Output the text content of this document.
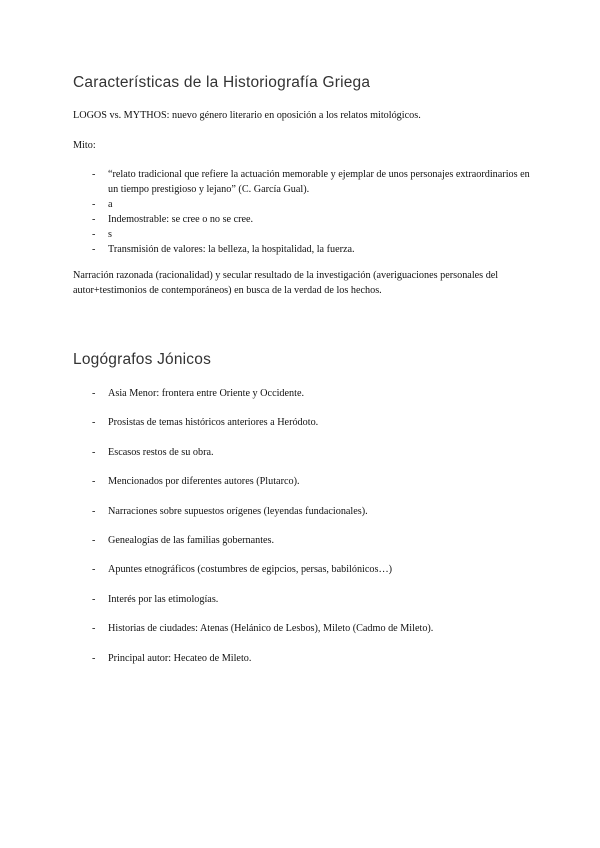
Características de la Historiografía Griega

LOGOS vs. MYTHOS: nuevo género literario en oposición a los relatos mitológicos.

Mito:

- “relato tradicional que refiere la actuación memorable y ejemplar de unos personajes extraordinarios en un tiempo prestigioso y lejano” (C. García Gual).
- a
- Indemostrable: se cree o no se cree.
- s
- Transmisión de valores: la belleza, la hospitalidad, la fuerza.

Narración razonada (racionalidad) y secular resultado de la investigación (averiguaciones personales del autor+testimonios de contemporáneos) en busca de la verdad de los hechos.

Logógrafos Jónicos
- Asia Menor: frontera entre Oriente y Occidente.
- Prosistas de temas históricos anteriores a Heródoto.
- Escasos restos de su obra.
- Mencionados por diferentes autores (Plutarco).
- Narraciones sobre supuestos orígenes (leyendas fundacionales).
- Genealogías de las familias gobernantes.
- Apuntes etnográficos (costumbres de egipcios, persas, babilónicos…)
- Interés por las etimologías.
- Historias de ciudades: Atenas (Helánico de Lesbos), Mileto (Cadmo de Mileto).
- Principal autor: Hecateo de Mileto.
